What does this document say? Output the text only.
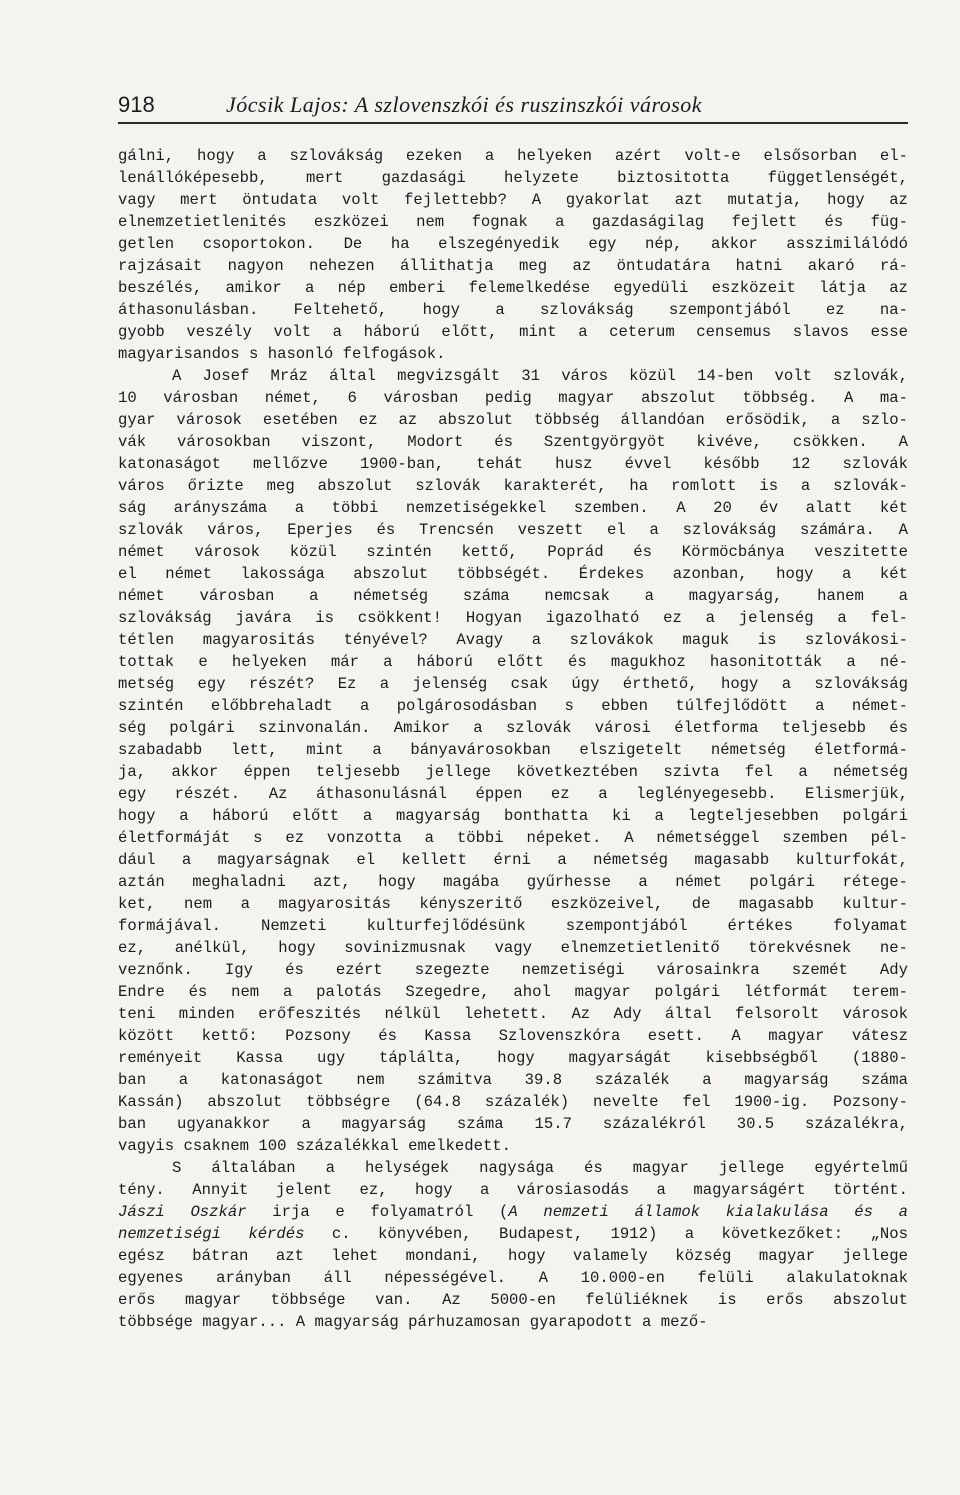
918	Jócsik Lajos: A szlovenszkói és ruszinszkói városok
gálni, hogy a szlovákság ezeken a helyeken azért volt-e elsősorban el-
lenállóképesebb, mert gazdasági helyzete biztositotta függetlenségét,
vagy mert öntudata volt fejlettebb? A gyakorlat azt mutatja, hogy az
elnemzetietlenités eszközei nem fognak a gazdaságilag fejlett és füg-
getlen csoportokon. De ha elszegényedik egy nép, akkor asszimilálódó
rajzásait nagyon nehezen állithatja meg az öntudatára hatni akaró rá-
beszélés, amikor a nép emberi felemelkedése egyedüli eszközeit látja az
áthasonulásban. Feltehető, hogy a szlovákság szempontjából ez na-
gyobb veszély volt a háború előtt, mint a ceterum censemus slavos esse
magyarisandos s hasonló felfogások.
A Josef Mráz által megvizsgált 31 város közül 14-ben volt szlovák,
10 városban német, 6 városban pedig magyar abszolut többség. A ma-
gyar városok esetében ez az abszolut többség állandóan erősödik, a szlo-
vák városokban viszont, Modort és Szentgyörgyöt kivéve, csökken. A
katonaságot mellőzve 1900-ban, tehát husz évvel később 12 szlovák
város őrizte meg abszolut szlovák karakterét, ha romlott is a szlovák-
ság arányszáma a többi nemzetiségekkel szemben. A 20 év alatt két
szlovák város, Eperjes és Trencsén veszett el a szlovákság számára. A
német városok közül szintén kettő, Poprád és Körmöcbánya veszitette
el német lakossága abszolut többségét. Érdekes azonban, hogy a két
német városban a németség száma nemcsak a magyarság, hanem a
szlovákság javára is csökkent! Hogyan igazolható ez a jelenség a fel-
tétlen magyarositás tényével? Avagy a szlovákok maguk is szlovákosi-
tottak e helyeken már a háború előtt és magukhoz hasonitották a né-
metség egy részét? Ez a jelenség csak úgy érthető, hogy a szlovákság
szintén előbbrehaladt a polgárosodásban s ebben túlfejlődött a német-
ség polgári szinvonalán. Amikor a szlovák városi életforma teljesebb és
szabadabb lett, mint a bányavárosokban elszigetelt németség életformá-
ja, akkor éppen teljesebb jellege következtében szivta fel a németség
egy részét. Az áthasonulásnál éppen ez a leglényegesebb. Elismerjük,
hogy a háború előtt a magyarság bonthatta ki a legteljesebben polgári
életformáját s ez vonzotta a többi népeket. A németséggel szemben pél-
dául a magyarságnak el kellett érni a németség magasabb kulturfokát,
aztán meghaladni azt, hogy magába gyűrhesse a német polgári rétege-
ket, nem a magyarositás kényszeritő eszközeivel, de magasabb kultur-
formájával. Nemzeti kulturfejlődésünk szempontjából értékes folyamat
ez, anélkül, hogy sovinizmusnak vagy elnemzetietlenitő törekvésnek ne-
veznőnk. Igy és ezért szegezte nemzetiségi városainkra szemét Ady
Endre és nem a palotás Szegedre, ahol magyar polgári létformát terem-
teni minden erőfeszités nélkül lehetett. Az Ady által felsorolt városok
között kettő: Pozsony és Kassa Szlovenszkóra esett. A magyar vátesz
reményeit Kassa ugy táplálta, hogy magyarságát kisebbségből (1880-
ban a katonaságot nem számitva 39.8 százalék a magyarság száma
Kassán) abszolut többségre (64.8 százalék) nevelte fel 1900-ig. Pozsony-
ban ugyanakkor a magyarság száma 15.7 százalékról 30.5 százalékra,
vagyis csaknem 100 százalékkal emelkedett.
S általában a helységek nagysága és magyar jellege egyértelmű
tény. Annyit jelent ez, hogy a városiasodás a magyarságért történt.
Jászi Oszkár irja e folyamatról (A nemzeti államok kialakulása és a
nemzetiségi kérdés c. könyvében, Budapest, 1912) a következőket: „Nos
egész bátran azt lehet mondani, hogy valamely község magyar jellege
egyenes arányban áll népességével. A 10.000-en felüli alakulatoknak
erős magyar többsége van. Az 5000-en felüliéknek is erős abszolut
többsége magyar... A magyarság párhuzamosan gyarapodott a mező-
